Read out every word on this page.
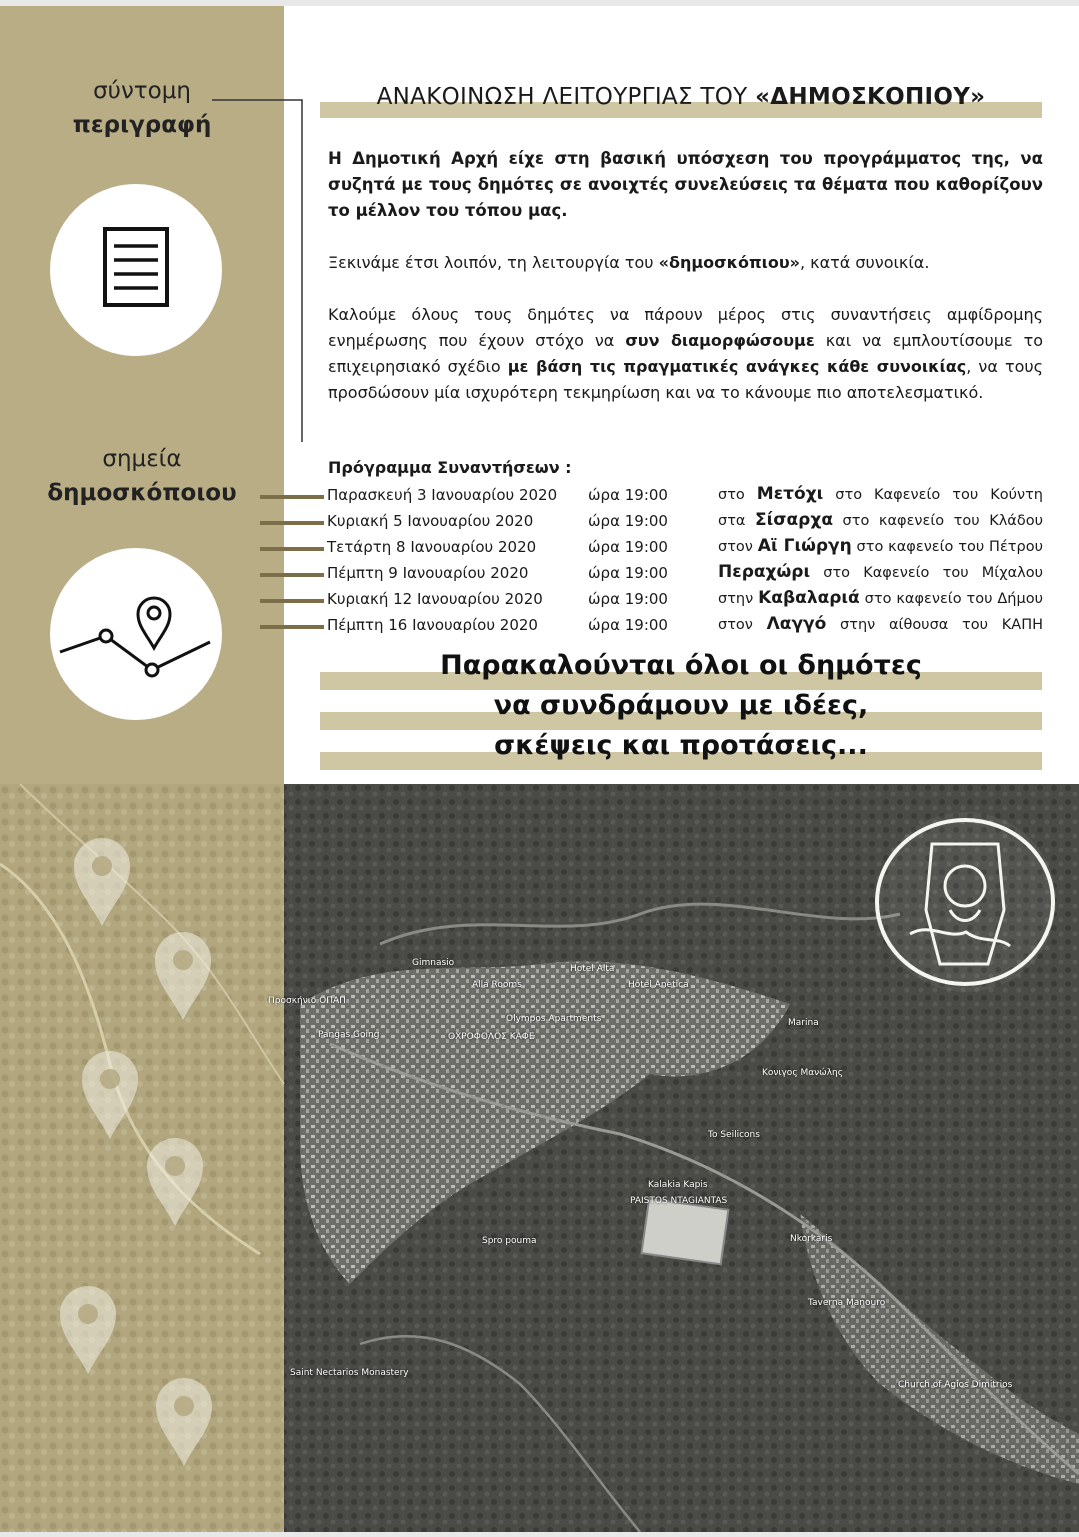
σύντομη
περιγραφή
σημεία
δημοσκόποιου
ΑΝΑΚΟΙΝΩΣΗ ΛΕΙΤΟΥΡΓΙΑΣ ΤΟΥ «ΔΗΜΟΣΚΟΠΙΟΥ»
Η Δημοτική Αρχή είχε στη βασική υπόσχεση του προγράμματος της, να συζητά με τους δημότες σε ανοιχτές συνελεύσεις τα θέματα που καθορίζουν το μέλλον του τόπου μας.
Ξεκινάμε έτσι λοιπόν, τη λειτουργία του «δημοσκόπιου», κατά συνοικία.
Καλούμε όλους τους δημότες να πάρουν μέρος στις συναντήσεις αμφίδρομης ενημέρωσης που έχουν στόχο να συν διαμορφώσουμε και να εμπλουτίσουμε το επιχειρησιακό σχέδιο με βάση τις πραγματικές ανάγκες κάθε συνοικίας, να τους προσδώσουν μία ισχυρότερη τεκμηρίωση και να το κάνουμε πιο αποτελεσματικό.
Πρόγραμμα Συναντήσεων :
Παρασκευή 3 Ιανουαρίου 2020 ώρα 19:00	στο Μετόχι στο Καφενείο του Κούντη
Κυριακή 5 Ιανουαρίου 2020	ώρα 19:00	στα Σίσαρχα στο καφενείο του Κλάδου
Τετάρτη 8 Ιανουαρίου 2020	ώρα 19:00	στον Αϊ Γιώργη στο καφενείο του Πέτρου
Πέμπτη 9 Ιανουαρίου 2020	ώρα 19:00	Περαχώρι στο Καφενείο του Μίχαλου
Κυριακή 12 Ιανουαρίου 2020	ώρα 19:00	στην Καβαλαριά στο καφενείο του Δήμου
Πέμπτη 16 Ιανουαρίου 2020	ώρα 19:00	στον Λαγγό στην αίθουσα του ΚΑΠΗ
Παρακαλούνται όλοι οι δημότες
να συνδράμουν με ιδέες,
σκέψεις και προτάσεις...
Gimnasio
Hotel Alta
Alla Rooms	Hotel Anetica
Προσκήνιο ΟΠΑΠ
Pangas Going
Olympos Apartments
ΟΧΡΟΦΟΛΟΣ ΚΑΦΕ
Marina
Κονιγος Μανώλης
To Seilicons
Kalakia Kapis
PAISTOS NTAGIANTAS
Nkorkaris
Taverna Manouro
Spro pouma
Saint Nectarios Monastery
Church of Agios Dimitrios
